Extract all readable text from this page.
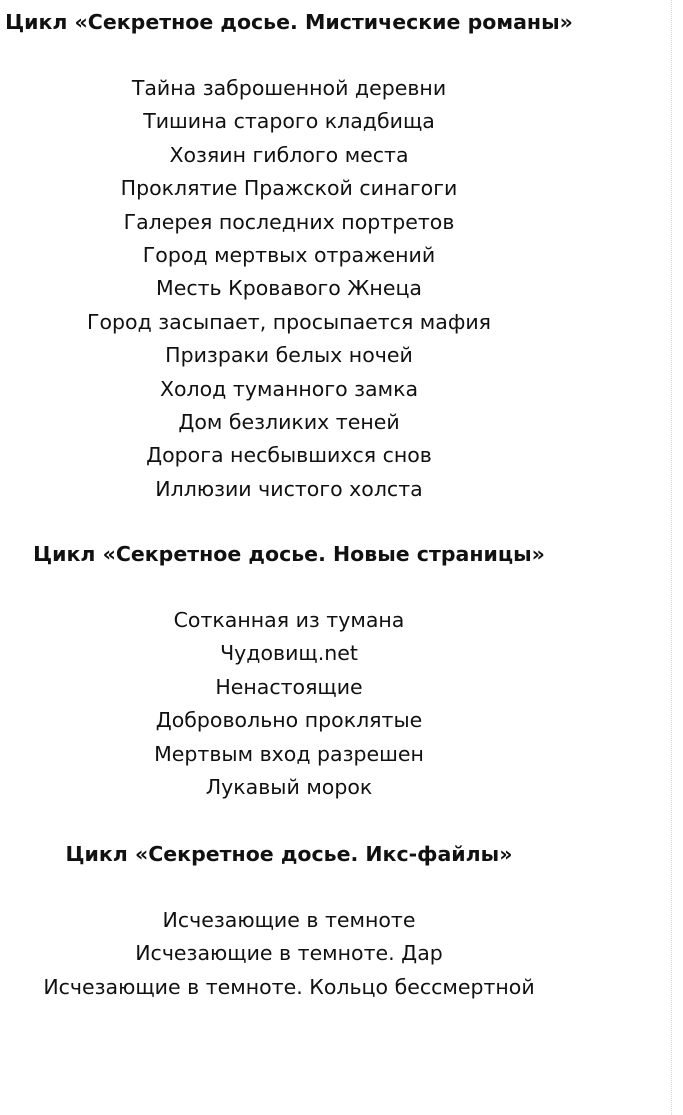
Цикл «Секретное досье. Мистические романы»
Тайна заброшенной деревни
Тишина старого кладбища
Хозяин гиблого места
Проклятие Пражской синагоги
Галерея последних портретов
Город мертвых отражений
Месть Кровавого Жнеца
Город засыпает, просыпается мафия
Призраки белых ночей
Холод туманного замка
Дом безликих теней
Дорога несбывшихся снов
Иллюзии чистого холста
Цикл «Секретное досье. Новые страницы»
Сотканная из тумана
Чудовищ.net
Ненастоящие
Добровольно проклятые
Мертвым вход разрешен
Лукавый морок
Цикл «Секретное досье. Икс-файлы»
Исчезающие в темноте
Исчезающие в темноте. Дар
Исчезающие в темноте. Кольцо бессмертной
